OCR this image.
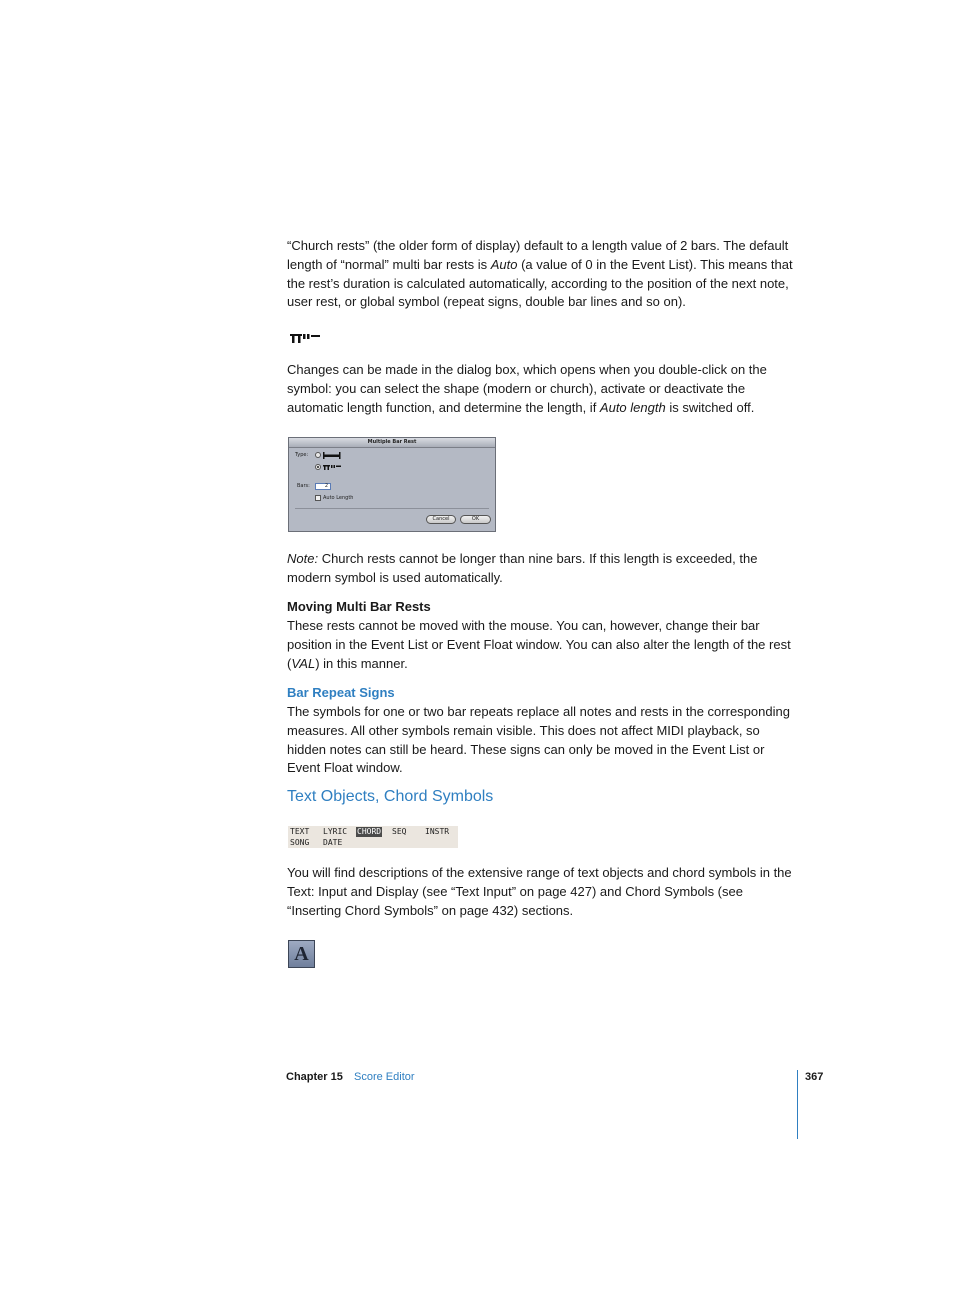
“Church rests” (the older form of display) default to a length value of 2 bars. The default length of “normal” multi bar rests is Auto (a value of 0 in the Event List). This means that the rest’s duration is calculated automatically, according to the position of the next note, user rest, or global symbol (repeat signs, double bar lines and so on).

Changes can be made in the dialog box, which opens when you double-click on the symbol: you can select the shape (modern or church), activate or deactivate the automatic length function, and determine the length, if Auto length is switched off.

Multiple Bar Rest
Type:
Bars:	2
Auto Length
Cancel	OK

Note: Church rests cannot be longer than nine bars. If this length is exceeded, the modern symbol is used automatically.

Moving Multi Bar Rests

These rests cannot be moved with the mouse. You can, however, change their bar position in the Event List or Event Float window. You can also alter the length of the rest (VAL) in this manner.

Bar Repeat Signs

The symbols for one or two bar repeats replace all notes and rests in the corresponding measures. All other symbols remain visible. This does not affect MIDI playback, so hidden notes can still be heard. These signs can only be moved in the Event List or Event Float window.

Text Objects, Chord Symbols
TEXT LYRIC CHORD SEQ INSTR
SONG DATE

You will find descriptions of the extensive range of text objects and chord symbols in the Text: Input and Display (see “Text Input” on page 427) and Chord Symbols (see “Inserting Chord Symbols” on page 432) sections.

A
Chapter 15 Score Editor	367
